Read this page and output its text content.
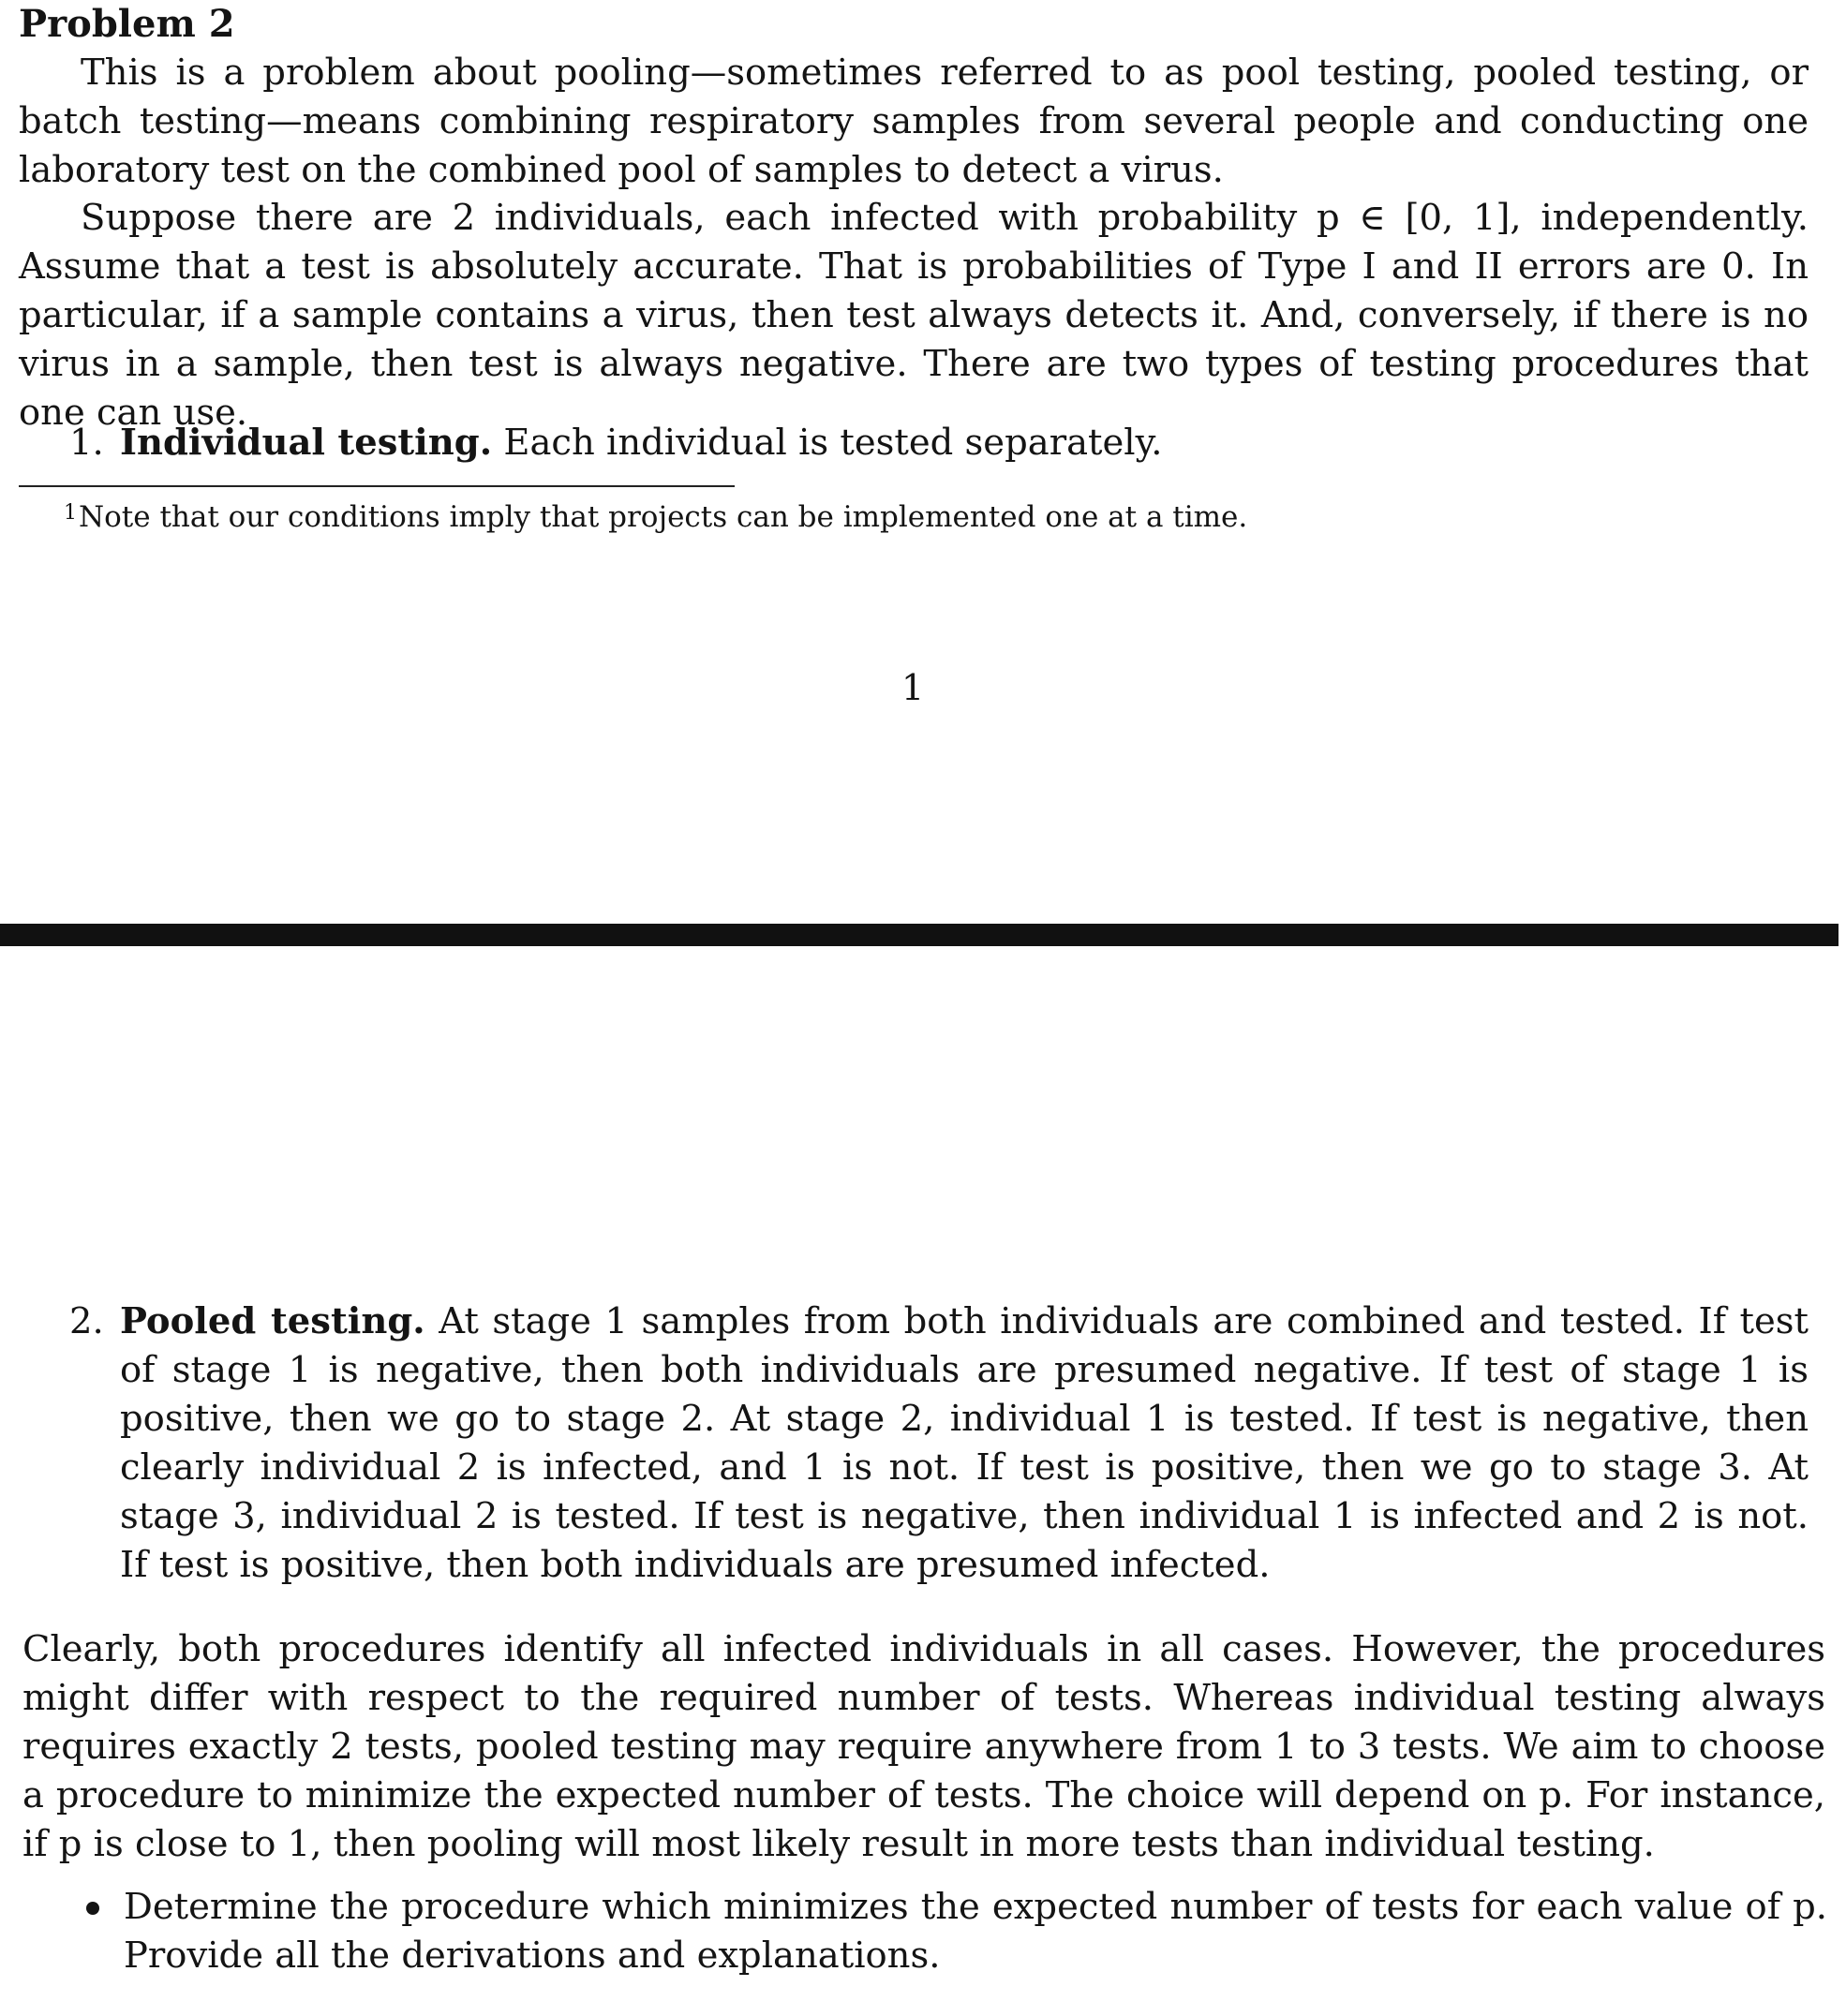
Problem 2
This is a problem about pooling—sometimes referred to as pool testing, pooled testing, or batch testing—means combining respiratory samples from several people and conducting one laboratory test on the combined pool of samples to detect a virus.
Suppose there are 2 individuals, each infected with probability p ∈ [0, 1], independently. Assume that a test is absolutely accurate. That is probabilities of Type I and II errors are 0. In particular, if a sample contains a virus, then test always detects it. And, conversely, if there is no virus in a sample, then test is always negative. There are two types of testing procedures that one can use.
1. Individual testing. Each individual is tested separately.
$^1$Note that our conditions imply that projects can be implemented one at a time.
1
2. Pooled testing. At stage 1 samples from both individuals are combined and tested. If test of stage 1 is negative, then both individuals are presumed negative. If test of stage 1 is positive, then we go to stage 2. At stage 2, individual 1 is tested. If test is negative, then clearly individual 2 is infected, and 1 is not. If test is positive, then we go to stage 3. At stage 3, individual 2 is tested. If test is negative, then individual 1 is infected and 2 is not. If test is positive, then both individuals are presumed infected.
Clearly, both procedures identify all infected individuals in all cases. However, the procedures might differ with respect to the required number of tests. Whereas individual testing always requires exactly 2 tests, pooled testing may require anywhere from 1 to 3 tests. We aim to choose a procedure to minimize the expected number of tests. The choice will depend on p. For instance, if p is close to 1, then pooling will most likely result in more tests than individual testing.
Determine the procedure which minimizes the expected number of tests for each value of p. Provide all the derivations and explanations.
